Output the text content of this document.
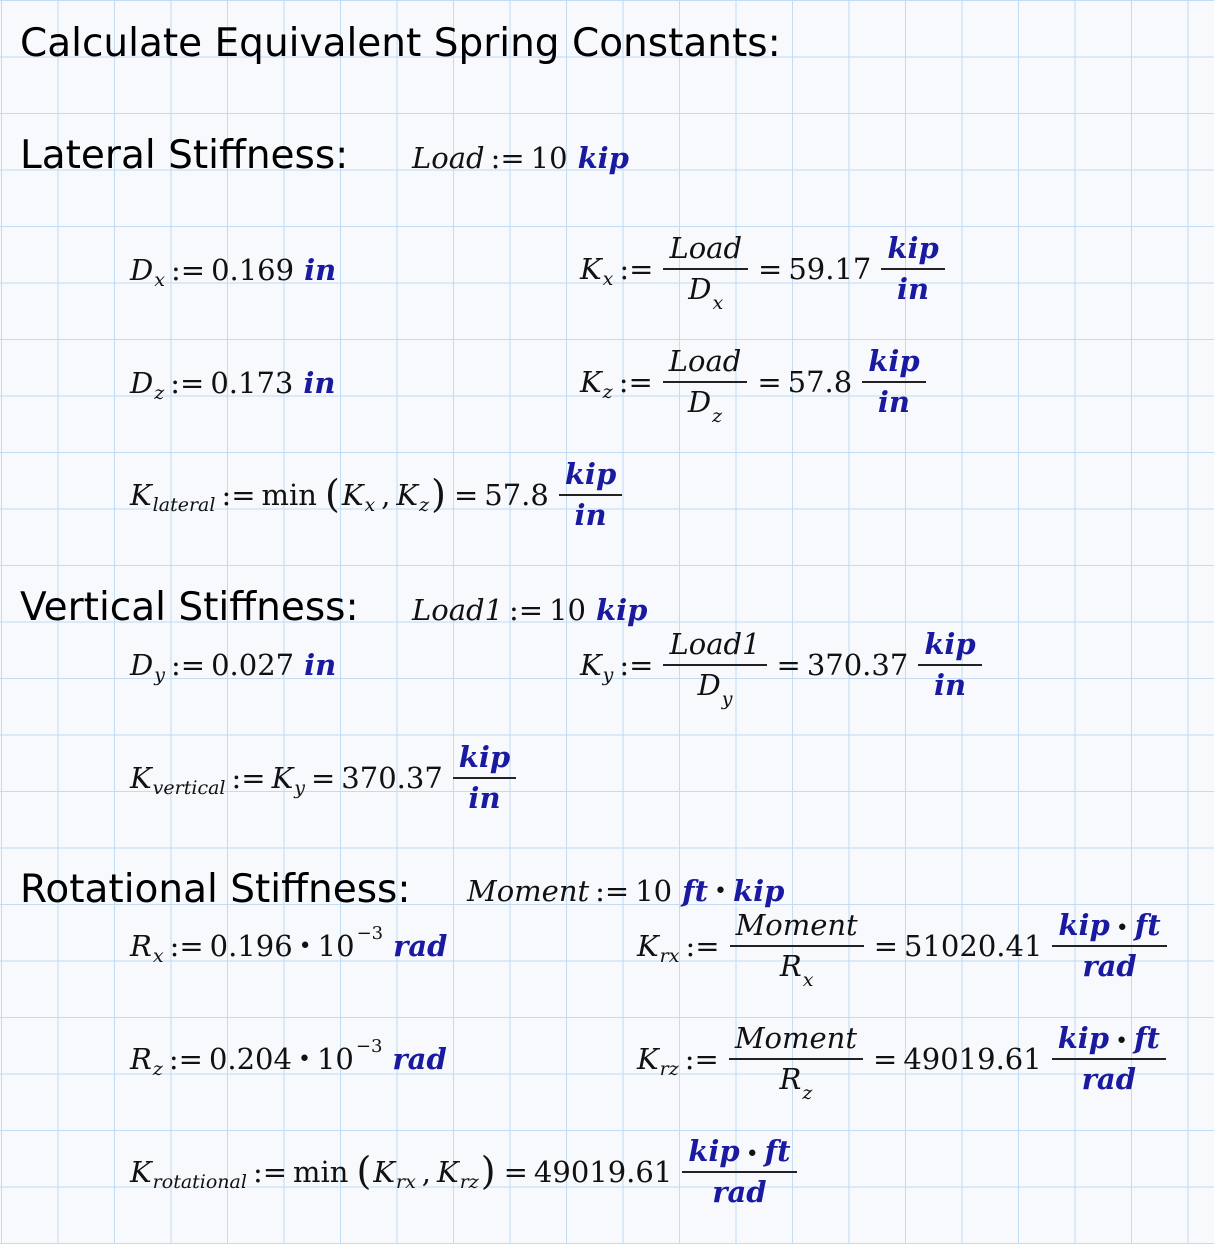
Calculate Equivalent Spring Constants:
Lateral Stiffness:
Vertical Stiffness:
Rotational Stiffness:
Load := 10 kip
D x := 0.169 in	K x := $\frac{\text{Load}}{D_x} = 59.17 \frac{\text{kip}}{in}$
D z := 0.173 in	K z := $\frac{\text{Load}}{D_z} = 57.8 \frac{\text{kip}}{in}$
K lateral := min ( K x , K z ) = $57.8 \frac{\text{kip}}{in}$
Load1 := 10 kip
D y := 0.027 in	K y := $\frac{\text{Load1}}{D_y} = 370.37 \frac{\text{kip}}{in}$
K vertical := K $y = 370.37 \frac{\text{kip}}{in}$
Moment := 10 ft • kip
R x := 0.196 • 10 −3 rad	K rx := $\frac{\text{Moment}}{R_x} = 51020.41 \frac{\text{kip • ft}}{\text{rad}}$
R z := 0.204 • 10 −3 rad	K rz := $\frac{\text{Moment}}{R_z} = 49019.61 \frac{\text{kip • ft}}{\text{rad}}$
K rotational := min ( K rx , K rz ) = $49019.61 \frac{\text{kip • ft}}{\text{rad}}$
